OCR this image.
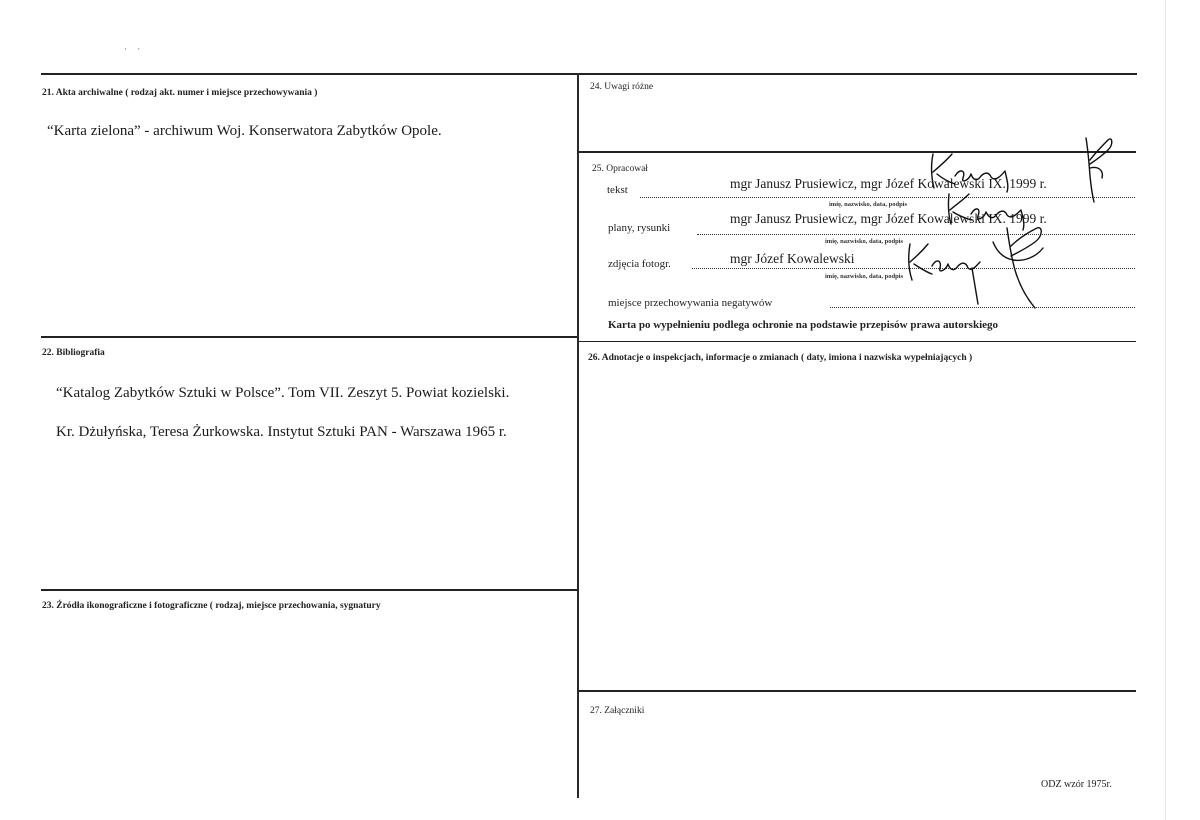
· ·
21. Akta archiwalne ( rodzaj akt. numer i miejsce przechowywania )
“Karta zielona” - archiwum Woj. Konserwatora Zabytków Opole.
22. Bibliografia
“Katalog Zabytków Sztuki w Polsce”. Tom VII. Zeszyt 5. Powiat kozielski.
Kr. Dżułyńska, Teresa Żurkowska. Instytut Sztuki PAN - Warszawa 1965 r.
23. Źródła ikonograficzne i fotograficzne ( rodzaj, miejsce przechowania, sygnatury
24. Uwagi różne
25. Opracował
tekst	mgr Janusz Prusiewicz, mgr Józef Kowalewski IX. 1999 r.
imię, nazwisko, data, podpis
plany, rysunki
mgr Janusz Prusiewicz, mgr Józef Kowalewski IX. 1999 r.
imię, nazwisko, data, podpis
zdjęcia fotogr.	mgr Józef Kowalewski
imię, nazwisko, data, podpis
miejsce przechowywania negatywów
Karta po wypełnieniu podlega ochronie na podstawie przepisów prawa autorskiego
26. Adnotacje o inspekcjach, informacje o zmianach ( daty, imiona i nazwiska wypełniających )
27. Załączniki
ODZ wzór 1975r.
